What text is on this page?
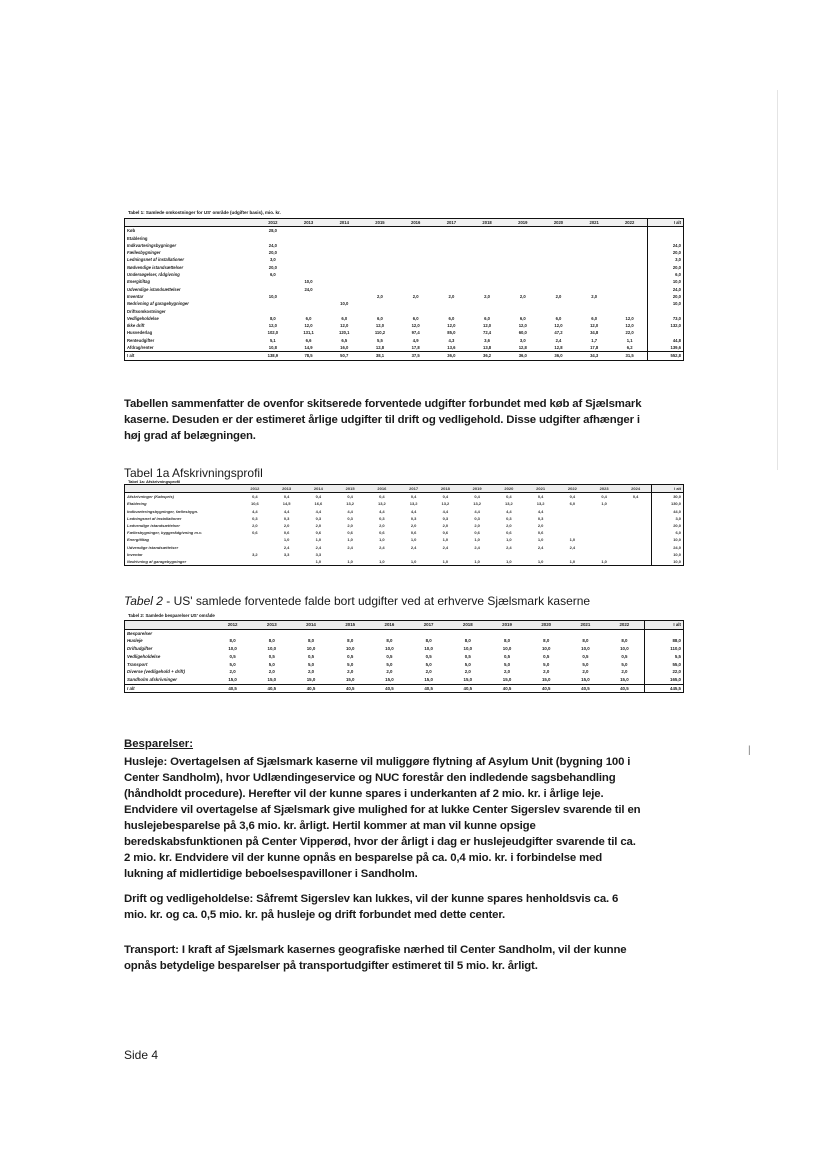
Tabel 1: Samlede omkostninger for US' område (udgifter basis), mio. kr.
	2012	2013	2014	2015	2016	2017	2018	2019	2020	2021	2022	I alt
Køb	28,0											
Etablering												
Indkvarteringsbygninger	24,0											24,0
Fællesbygninger	20,0											20,0
Ledningsnet af installationer	3,0											3,0
Nødvendige istandsættelser	20,0											20,0
Undersøgelser, rådgivning	6,0											6,0
Energitiltag		10,0										10,0
Udvendige istandsættelser		24,0										24,0
Inventar	10,0			2,0	2,0	2,0	2,0	2,0	2,0	2,0		20,0
Nedrivning af garagebygninger			10,0									10,0
Driftsomkostninger												
Vedligeholdelse	8,0	6,0	6,0	6,0	6,0	6,0	6,0	6,0	6,0	6,0	12,0	73,0
Ikke drift	12,0	12,0	12,0	12,0	12,0	12,0	12,0	12,0	12,0	12,0	12,0	132,0
Husvederlag	102,0	131,1	120,1	110,2	97,4	85,0	72,4	60,0	47,2	34,8	22,0	
Renteudgifter	5,1	6,6	6,5	5,5	4,9	4,3	3,6	3,0	2,4	1,7	1,1	44,8
Afdrag/renter	10,8	14,9	16,0	12,8	17,8	13,6	13,8	12,8	12,8	17,8	6,2	139,6
I alt	138,9	78,5	50,7	38,1	37,5	36,0	36,2	36,0	36,0	34,3	31,5	552,8

Tabellen sammenfatter de ovenfor skitserede forventede udgifter forbundet med køb af Sjælsmark kaserne. Desuden er der estimeret årlige udgifter til drift og vedligehold. Disse udgifter afhænger i høj grad af belægningen.

Tabel 1a Afskrivningsprofil
Tabel 1a: Afskrivningsprofil
	2012	2013	2014	2015	2016	2017	2018	2019	2020	2021	2022	2023	2024	I alt
Afskrivninger (Købspris)	0,4	0,4	0,4	0,4	0,4	0,4	0,4	0,4	0,4	0,4	0,4	0,4	0,4	30,0
Etablering	10,6	14,5	16,6	13,2	13,2	13,2	13,2	13,2	13,2	13,2	6,0	1,0		130,0
Indkvarteringsbygninger, fællesbygn.	4,4	4,4	4,4	4,4	4,4	4,4	4,4	4,4	4,4	4,4				44,0
Ledningsnet af installationer	0,3	0,3	0,3	0,3	0,3	0,3	0,3	0,3	0,3	0,3				3,0
Ledvendige istandsættelser	2,0	2,0	2,0	2,0	2,0	2,0	2,0	2,0	2,0	2,0				20,0
Fællesbygninger, byggerådgivning m.v.	0,6	0,6	0,6	0,6	0,6	0,6	0,6	0,6	0,6	0,6				6,0
Energitiltag		1,0	1,0	1,0	1,0	1,0	1,0	1,0	1,0	1,0	1,0			10,0
Udvendige istandsættelser		2,4	2,4	2,4	2,4	2,4	2,4	2,4	2,4	2,4	2,4			24,0
Inventar	3,2	3,3	3,3											10,0
Nedrivning af garagebygninger			1,0	1,0	1,0	1,0	1,0	1,0	1,0	1,0	1,0	1,0		10,0
Tabel 2 - US' samlede forventede falde bort udgifter ved at erhverve Sjælsmark kaserne
Tabel 2: Samlede besparelser US' område
	2012	2013	2014	2015	2016	2017	2018	2019	2020	2021	2022	I alt
Besparelser												
Husleje	8,0	8,0	8,0	8,0	8,0	8,0	8,0	8,0	8,0	8,0	8,0	88,0
Driftudgifter	10,0	10,0	10,0	10,0	10,0	10,0	10,0	10,0	10,0	10,0	10,0	110,0
Vedligeholdelse	0,5	0,5	0,5	0,5	0,5	0,5	0,5	0,5	0,5	0,5	0,5	5,5
Transport	5,0	5,0	5,0	5,0	5,0	5,0	5,0	5,0	5,0	5,0	5,0	55,0
Diverse (vedligehold + drift)	2,0	2,0	2,0	2,0	2,0	2,0	2,0	2,0	2,0	2,0	2,0	22,0
Sandholm afskrivninger	15,0	15,0	15,0	15,0	15,0	15,0	15,0	15,0	15,0	15,0	15,0	165,0
I alt	40,5	40,5	40,5	40,5	40,5	40,5	40,5	40,5	40,5	40,5	40,5	445,5
Besparelser:

Husleje: Overtagelsen af Sjælsmark kaserne vil muliggøre flytning af Asylum Unit (bygning 100 i Center Sandholm), hvor Udlændingeservice og NUC forestår den indledende sagsbehandling (håndholdt procedure). Herefter vil der kunne spares i underkanten af 2 mio. kr. i årlige leje. Endvidere vil overtagelse af Sjælsmark give mulighed for at lukke Center Sigerslev svarende til en huslejebesparelse på 3,6 mio. kr. årligt. Hertil kommer at man vil kunne opsige beredskabsfunktionen på Center Vipperød, hvor der årligt i dag er huslejeudgifter svarende til ca. 2 mio. kr. Endvidere vil der kunne opnås en besparelse på ca. 0,4 mio. kr. i forbindelse med lukning af midlertidige beboelsespavilloner i Sandholm.

Drift og vedligeholdelse: Såfremt Sigerslev kan lukkes, vil der kunne spares henholdsvis ca. 6 mio. kr. og ca. 0,5 mio. kr. på husleje og drift forbundet med dette center.

Transport: I kraft af Sjælsmark kasernes geografiske nærhed til Center Sandholm, vil der kunne opnås betydelige besparelser på transportudgifter estimeret til 5 mio. kr. årligt.

|
Side 4
